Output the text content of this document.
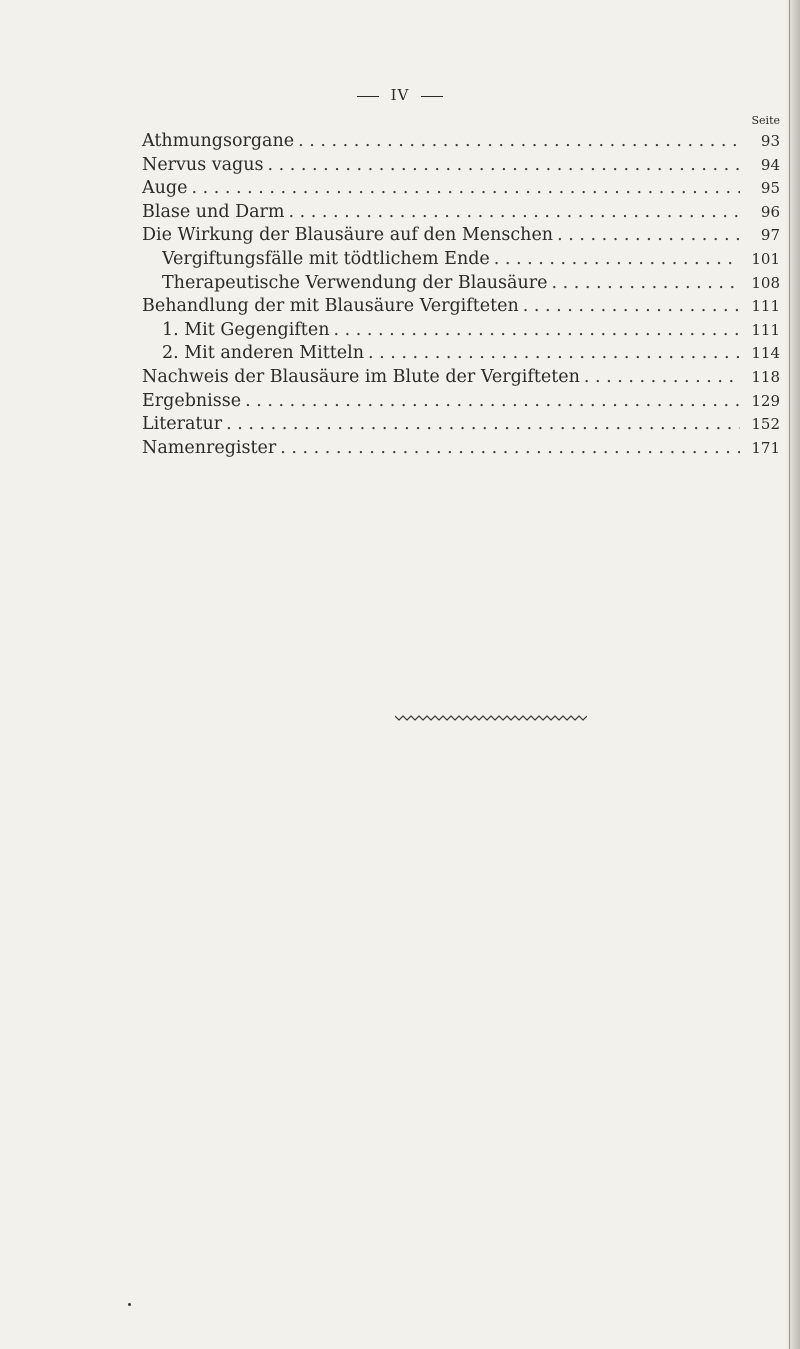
IV
Seite
Athmungsorgane . . .	93
Nervus vagus . . .	94
Auge . . .	95
Blase und Darm . . .	96
Die Wirkung der Blausäure auf den Menschen . . .	97
Vergiftungsfälle mit tödtlichem Ende . . .	101
Therapeutische Verwendung der Blausäure . . .	108
Behandlung der mit Blausäure Vergifteten . . .	111
1. Mit Gegengiften . . .	111
2. Mit anderen Mitteln . . .	114
Nachweis der Blausäure im Blute der Vergifteten . . .	118
Ergebnisse . . .	129
Literatur . . .	152
Namenregister . . .	171
